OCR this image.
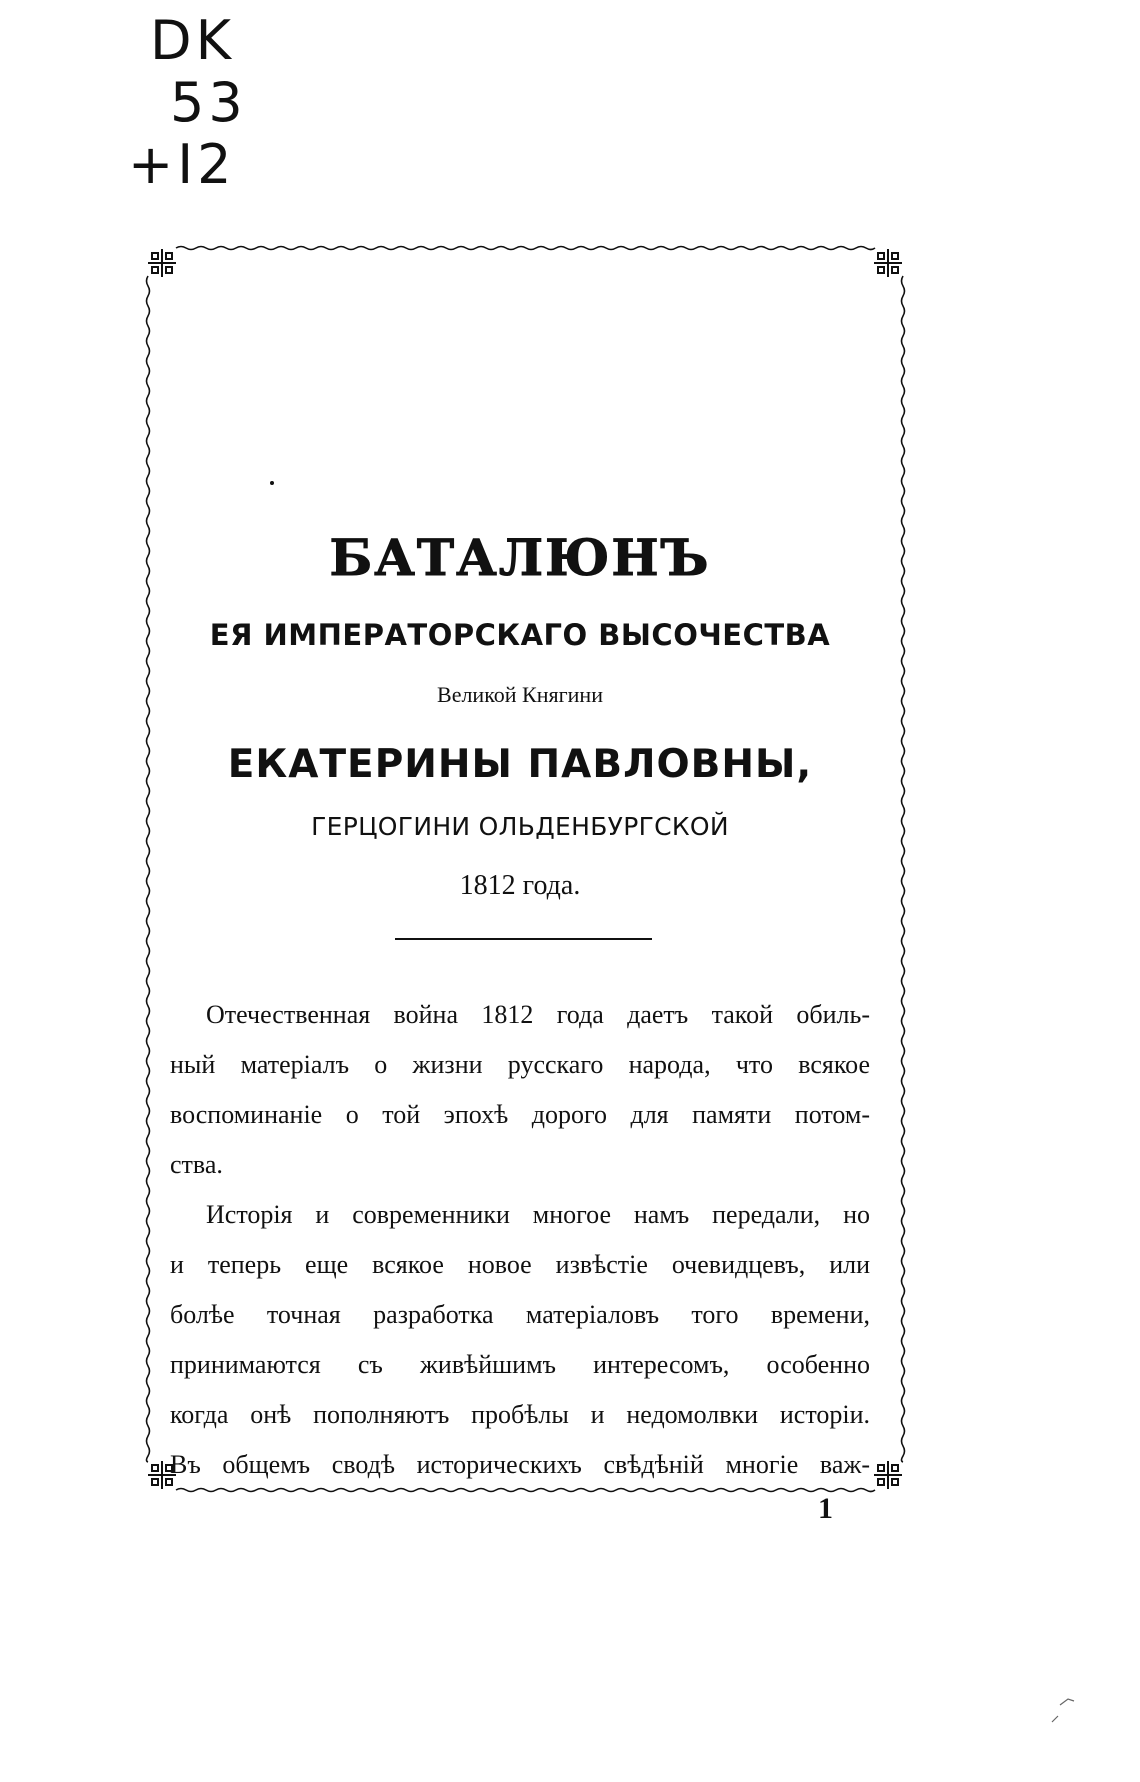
DK
53
+I2
БАТАЛЮНЪ
ЕЯ ИМПЕРАТОРСКАГО ВЫСОЧЕСТВА
Великой Княгини
ЕКАТЕРИНЫ ПАВЛОВНЫ,
ГЕРЦОГИНИ ОЛЬДЕНБУРГСКОЙ
1812 года.

Отечественная война 1812 года даетъ такой обиль-
ный матеріалъ о жизни русскаго народа, что всякое
воспоминаніе о той эпохѣ дорого для памяти потом-
ства.

Исторія и современники многое намъ передали, но
и теперь еще всякое новое извѣстіе очевидцевъ, или
болѣе точная разработка матеріаловъ того времени,
принимаются съ живѣйшимъ интересомъ, особенно
когда онѣ пополняютъ пробѣлы и недомолвки исторіи.
Въ общемъ сводѣ историческихъ свѣдѣній многіе важ-

1
